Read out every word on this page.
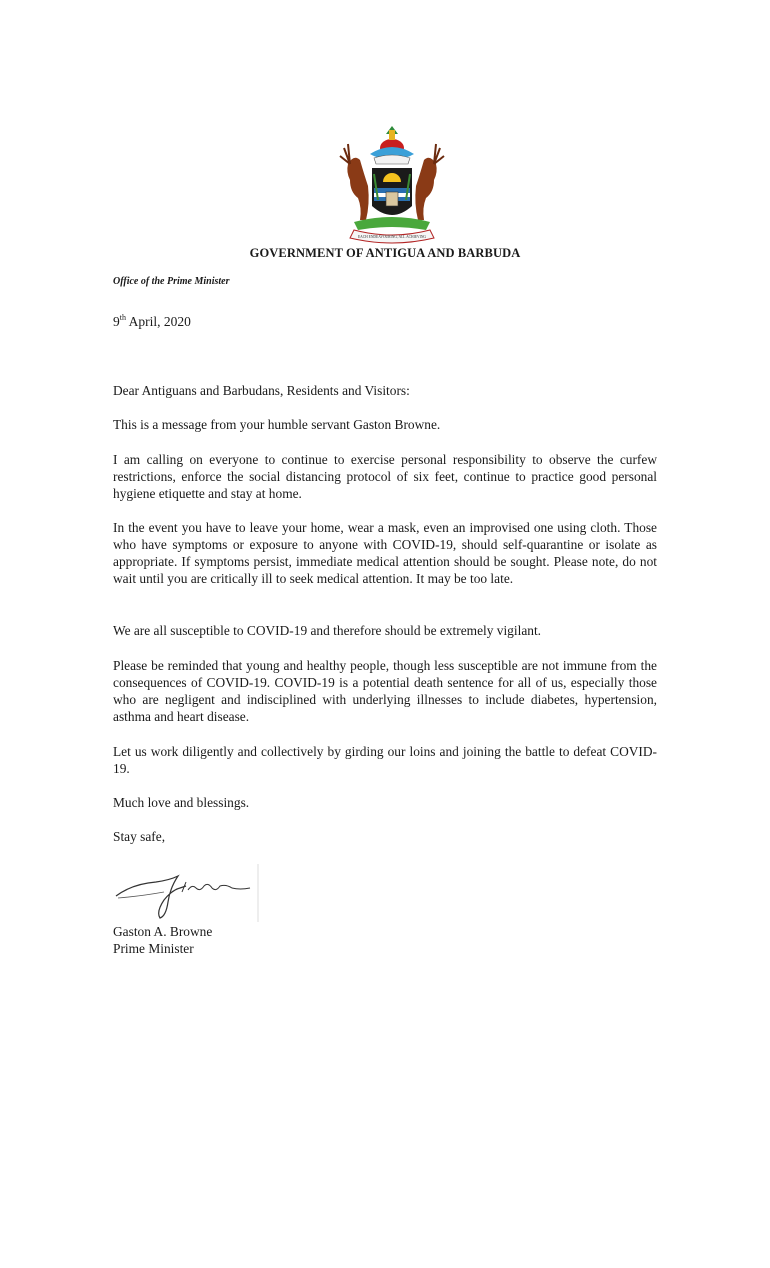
EACH ENDEAVOURING, ALL ACHIEVING
GOVERNMENT OF ANTIGUA AND BARBUDA
Office of the Prime Minister
9th April, 2020
Dear Antiguans and Barbudans, Residents and Visitors:
This is a message from your humble servant Gaston Browne.
I am calling on everyone to continue to exercise personal responsibility to observe the curfew restrictions, enforce the social distancing protocol of six feet, continue to practice good personal hygiene etiquette and stay at home.
In the event you have to leave your home, wear a mask, even an improvised one using cloth. Those who have symptoms or exposure to anyone with COVID-19, should self-quarantine or isolate as appropriate. If symptoms persist, immediate medical attention should be sought. Please note, do not wait until you are critically ill to seek medical attention. It may be too late.
We are all susceptible to COVID-19 and therefore should be extremely vigilant.
Please be reminded that young and healthy people, though less susceptible are not immune from the consequences of COVID-19. COVID-19 is a potential death sentence for all of us, especially those who are negligent and indisciplined with underlying illnesses to include diabetes, hypertension, asthma and heart disease.
Let us work diligently and collectively by girding our loins and joining the battle to defeat COVID-19.
Much love and blessings.
Stay safe,
Gaston A. Browne
Prime Minister
